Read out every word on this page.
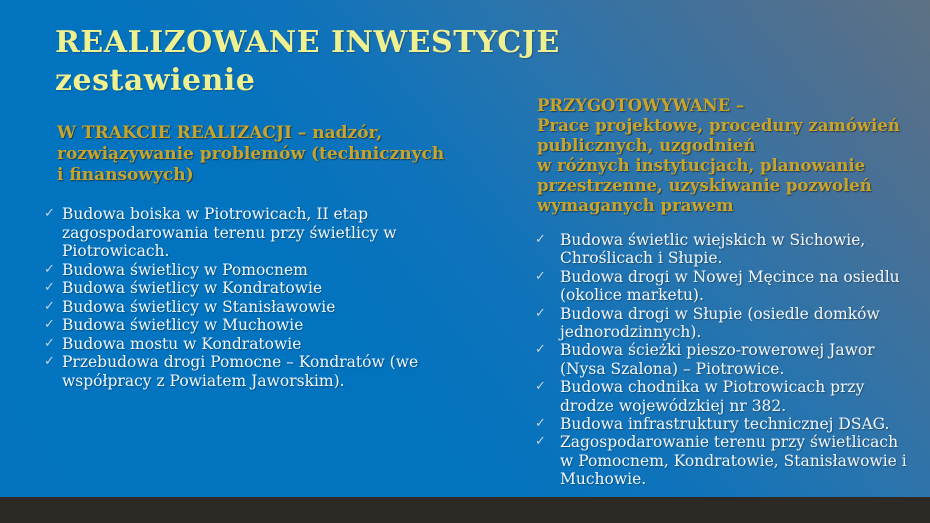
REALIZOWANE INWESTYCJE
zestawienie
W TRAKCIE REALIZACJI – nadzór,
rozwiązywanie problemów (technicznych
i finansowych)
✓ Budowa boiska w Piotrowicach, II etap zagospodarowania terenu przy świetlicy w Piotrowicach.
✓ Budowa świetlicy w Pomocnem
✓ Budowa świetlicy w Kondratowie
✓ Budowa świetlicy w Stanisławowie
✓ Budowa świetlicy w Muchowie
✓ Budowa mostu w Kondratowie
✓ Przebudowa drogi Pomocne – Kondratów (we współpracy z Powiatem Jaworskim).
PRZYGOTOWYWANE –
Prace projektowe, procedury zamówień
publicznych, uzgodnień
w różnych instytucjach, planowanie
przestrzenne, uzyskiwanie pozwoleń
wymaganych prawem
✓ Budowa świetlic wiejskich w Sichowie, Chroślicach i Słupie.
✓ Budowa drogi w Nowej Męcince na osiedlu (okolice marketu).
✓ Budowa drogi w Słupie (osiedle domków jednorodzinnych).
✓ Budowa ścieżki pieszo-rowerowej Jawor (Nysa Szalona) – Piotrowice.
✓ Budowa chodnika w Piotrowicach przy drodze wojewódzkiej nr 382.
✓ Budowa infrastruktury technicznej DSAG.
✓ Zagospodarowanie terenu przy świetlicach w Pomocnem, Kondratowie, Stanisławowie i Muchowie.
